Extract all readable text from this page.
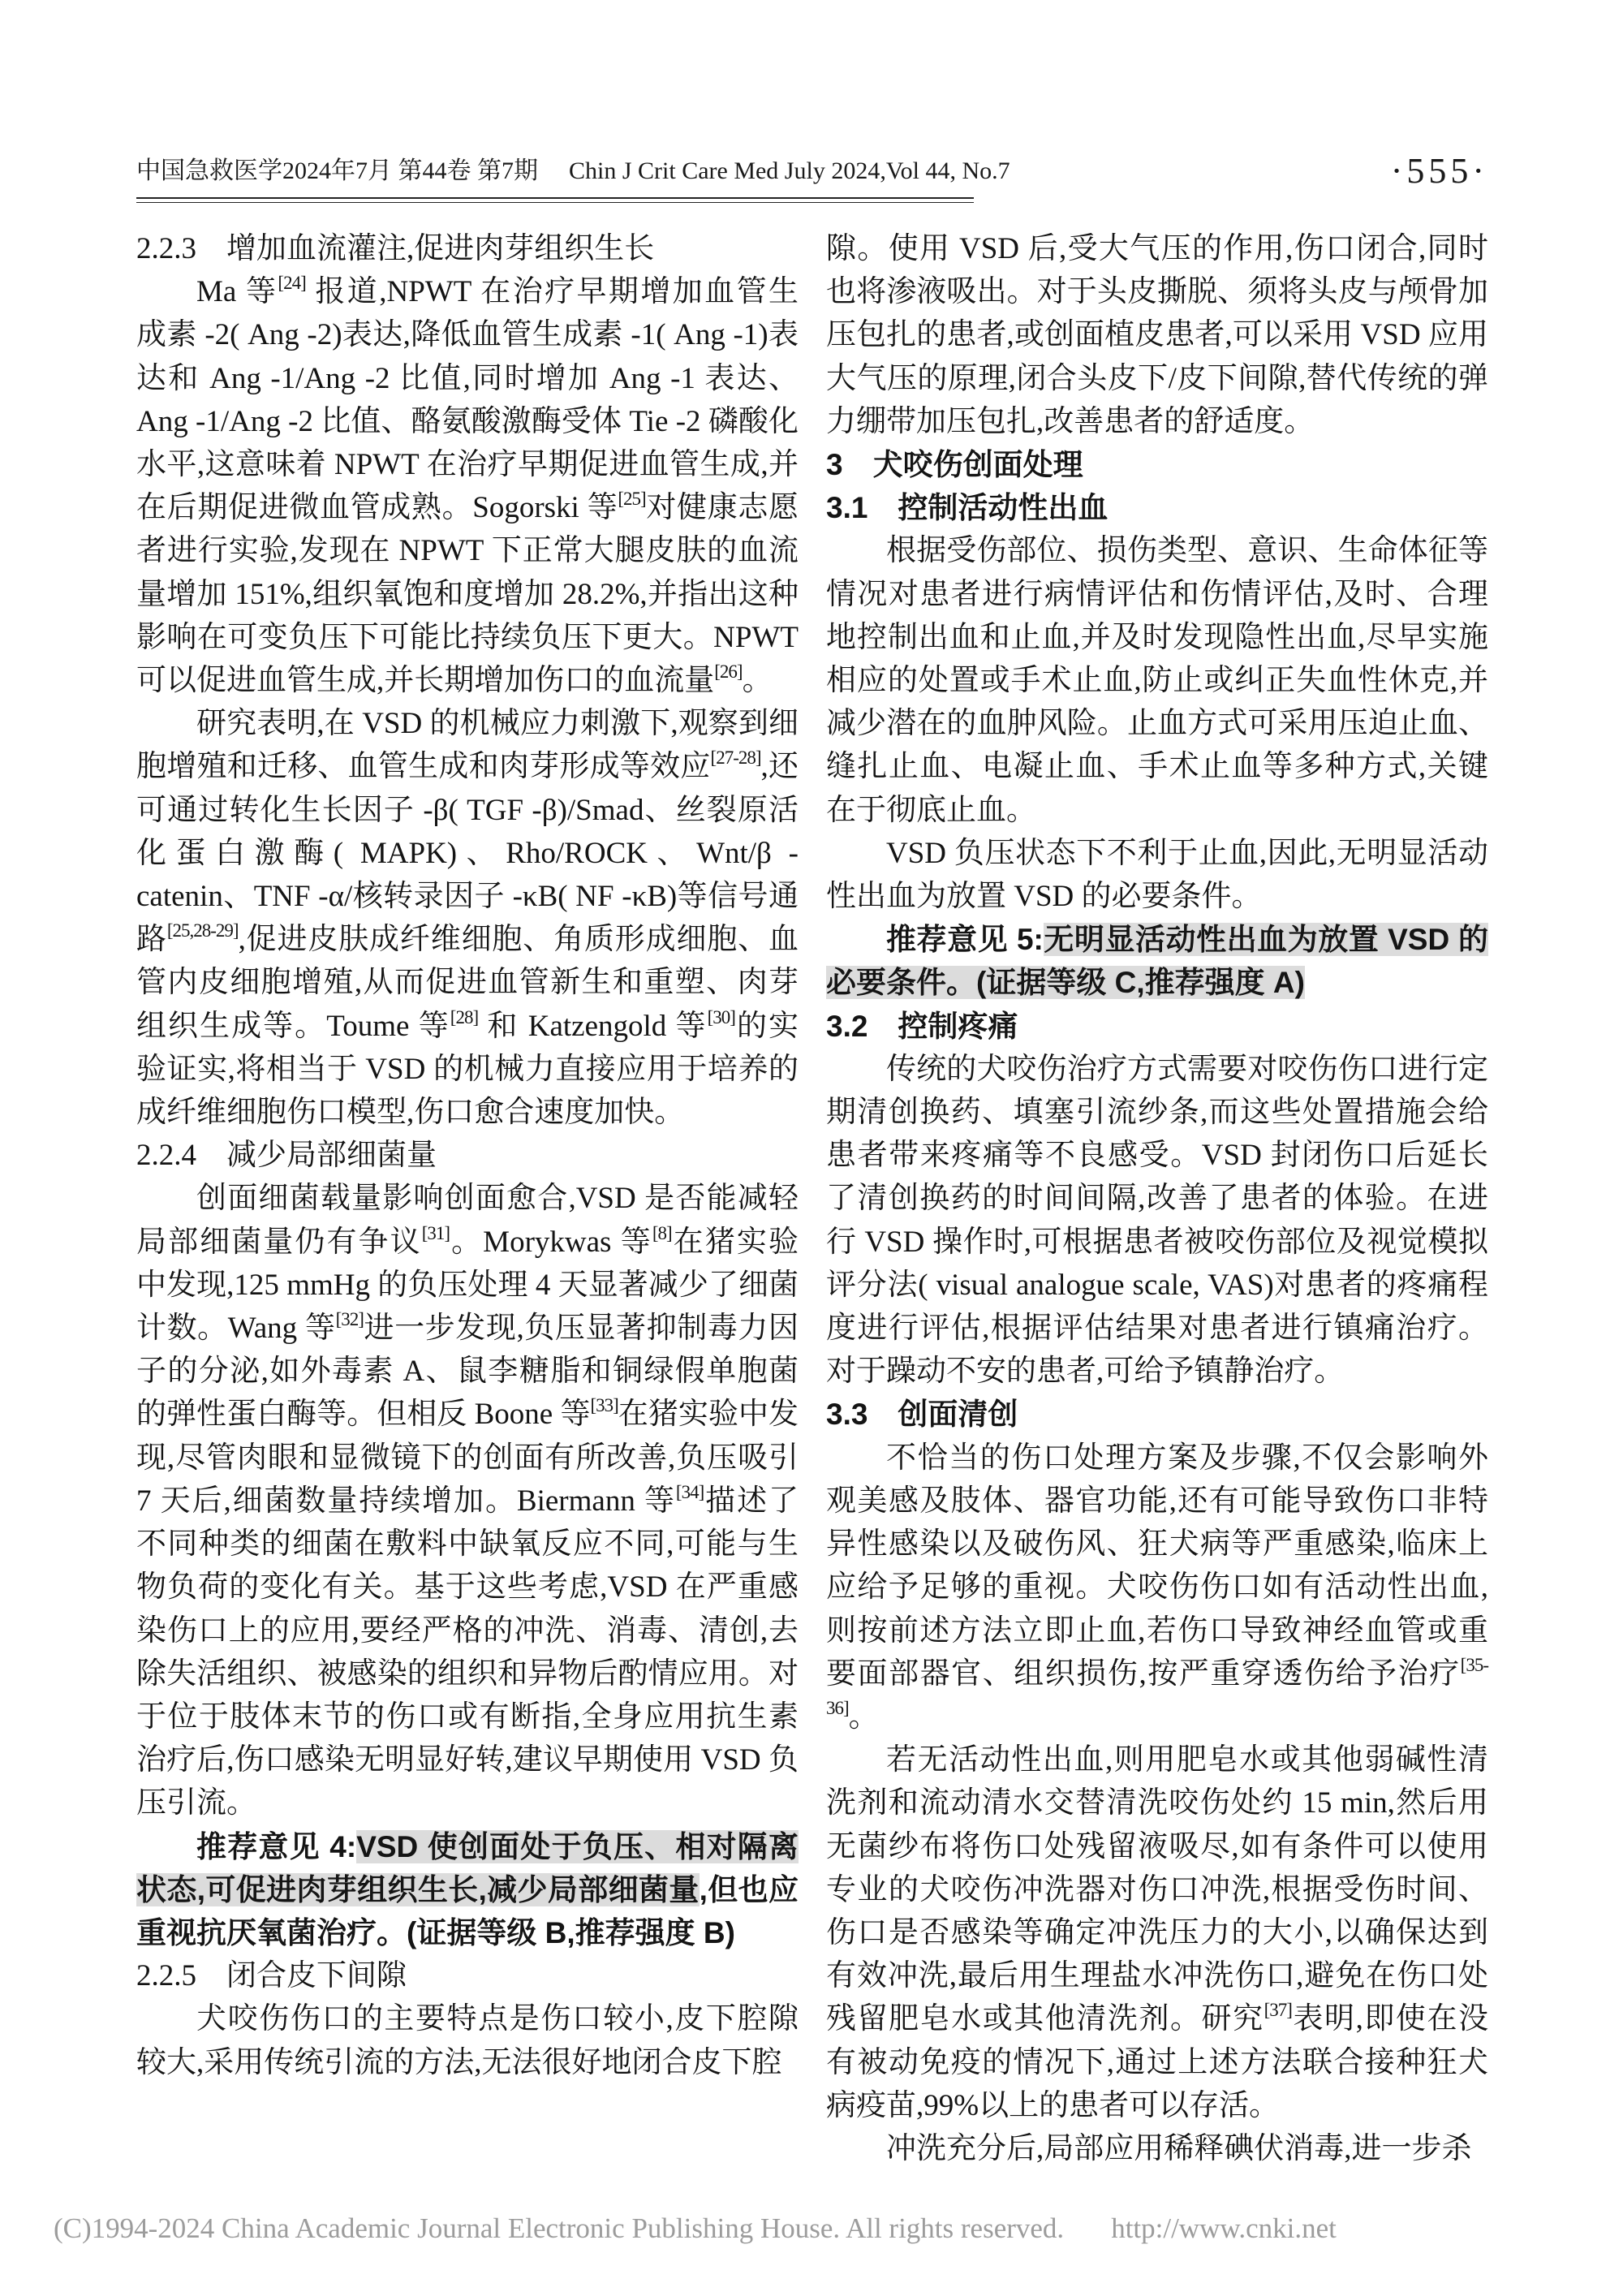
中国急救医学2024年7月 第44卷 第7期 Chin J Crit Care Med July 2024,Vol 44, No.7	·555·

2.2.3　增加血流灌注,促进肉芽组织生长

Ma 等[24] 报道,NPWT 在治疗早期增加血管生成素 -2( Ang -2)表达,降低血管生成素 -1( Ang -1)表达和 Ang -1/Ang -2 比值,同时增加 Ang -1 表达、Ang -1/Ang -2 比值、酪氨酸激酶受体 Tie -2 磷酸化水平,这意味着 NPWT 在治疗早期促进血管生成,并在后期促进微血管成熟。Sogorski 等[25]对健康志愿者进行实验,发现在 NPWT 下正常大腿皮肤的血流量增加 151%,组织氧饱和度增加 28.2%,并指出这种影响在可变负压下可能比持续负压下更大。NPWT 可以促进血管生成,并长期增加伤口的血流量[26]。

研究表明,在 VSD 的机械应力刺激下,观察到细胞增殖和迁移、血管生成和肉芽形成等效应[27-28],还可通过转化生长因子 -β( TGF -β)/Smad、丝裂原活化蛋白激酶( MAPK)、Rho/ROCK、Wnt/β -catenin、TNF -α/核转录因子 -κB( NF -κB)等信号通路[25,28-29],促进皮肤成纤维细胞、角质形成细胞、血管内皮细胞增殖,从而促进血管新生和重塑、肉芽组织生成等。Toume 等[28] 和 Katzengold 等[30]的实验证实,将相当于 VSD 的机械力直接应用于培养的成纤维细胞伤口模型,伤口愈合速度加快。

2.2.4　减少局部细菌量

创面细菌载量影响创面愈合,VSD 是否能减轻局部细菌量仍有争议[31]。Morykwas 等[8]在猪实验中发现,125 mmHg 的负压处理 4 天显著减少了细菌计数。Wang 等[32]进一步发现,负压显著抑制毒力因子的分泌,如外毒素 A、鼠李糖脂和铜绿假单胞菌的弹性蛋白酶等。但相反 Boone 等[33]在猪实验中发现,尽管肉眼和显微镜下的创面有所改善,负压吸引 7 天后,细菌数量持续增加。Biermann 等[34]描述了不同种类的细菌在敷料中缺氧反应不同,可能与生物负荷的变化有关。基于这些考虑,VSD 在严重感染伤口上的应用,要经严格的冲洗、消毒、清创,去除失活组织、被感染的组织和异物后酌情应用。对于位于肢体末节的伤口或有断指,全身应用抗生素治疗后,伤口感染无明显好转,建议早期使用 VSD 负压引流。

推荐意见 4:VSD 使创面处于负压、相对隔离状态,可促进肉芽组织生长,减少局部细菌量,但也应重视抗厌氧菌治疗。(证据等级 B,推荐强度 B)

2.2.5　闭合皮下间隙

犬咬伤伤口的主要特点是伤口较小,皮下腔隙较大,采用传统引流的方法,无法很好地闭合皮下腔

隙。使用 VSD 后,受大气压的作用,伤口闭合,同时也将渗液吸出。对于头皮撕脱、须将头皮与颅骨加压包扎的患者,或创面植皮患者,可以采用 VSD 应用大气压的原理,闭合头皮下/皮下间隙,替代传统的弹力绷带加压包扎,改善患者的舒适度。

3　犬咬伤创面处理

3.1　控制活动性出血

根据受伤部位、损伤类型、意识、生命体征等情况对患者进行病情评估和伤情评估,及时、合理地控制出血和止血,并及时发现隐性出血,尽早实施相应的处置或手术止血,防止或纠正失血性休克,并减少潜在的血肿风险。止血方式可采用压迫止血、缝扎止血、电凝止血、手术止血等多种方式,关键在于彻底止血。

VSD 负压状态下不利于止血,因此,无明显活动性出血为放置 VSD 的必要条件。

推荐意见 5:无明显活动性出血为放置 VSD 的必要条件。(证据等级 C,推荐强度 A)

3.2　控制疼痛

传统的犬咬伤治疗方式需要对咬伤伤口进行定期清创换药、填塞引流纱条,而这些处置措施会给患者带来疼痛等不良感受。VSD 封闭伤口后延长了清创换药的时间间隔,改善了患者的体验。在进行 VSD 操作时,可根据患者被咬伤部位及视觉模拟评分法( visual analogue scale, VAS)对患者的疼痛程度进行评估,根据评估结果对患者进行镇痛治疗。对于躁动不安的患者,可给予镇静治疗。

3.3　创面清创

不恰当的伤口处理方案及步骤,不仅会影响外观美感及肢体、器官功能,还有可能导致伤口非特异性感染以及破伤风、狂犬病等严重感染,临床上应给予足够的重视。犬咬伤伤口如有活动性出血,则按前述方法立即止血,若伤口导致神经血管或重要面部器官、组织损伤,按严重穿透伤给予治疗[35-36]。

若无活动性出血,则用肥皂水或其他弱碱性清洗剂和流动清水交替清洗咬伤处约 15 min,然后用无菌纱布将伤口处残留液吸尽,如有条件可以使用专业的犬咬伤冲洗器对伤口冲洗,根据受伤时间、伤口是否感染等确定冲洗压力的大小,以确保达到有效冲洗,最后用生理盐水冲洗伤口,避免在伤口处残留肥皂水或其他清洗剂。研究[37]表明,即使在没有被动免疫的情况下,通过上述方法联合接种狂犬病疫苗,99%以上的患者可以存活。

冲洗充分后,局部应用稀释碘伏消毒,进一步杀

(C)1994-2024 China Academic Journal Electronic Publishing House. All rights reserved. http://www.cnki.net
